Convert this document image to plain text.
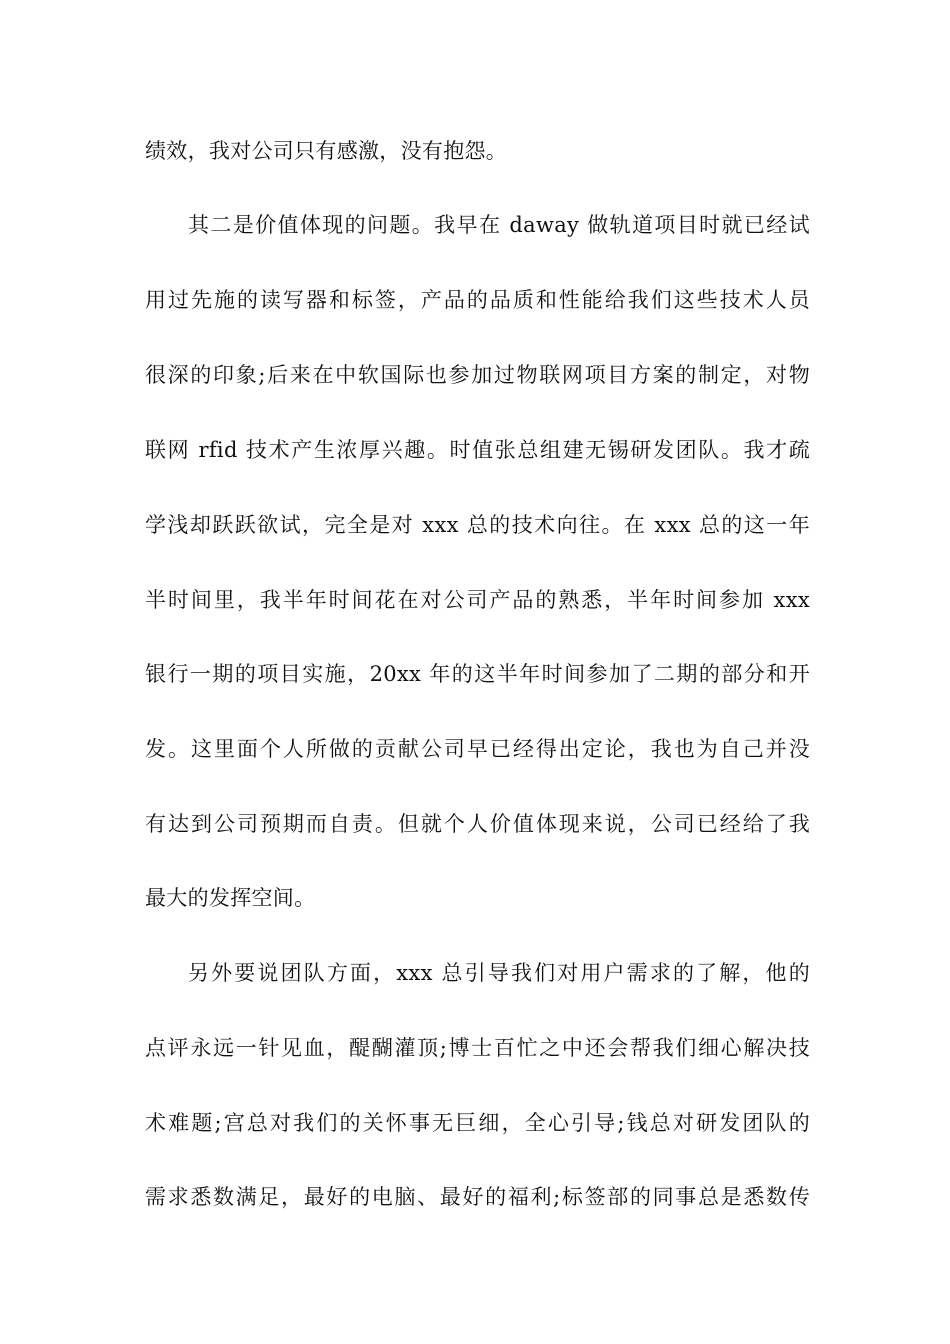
绩效，我对公司只有感激，没有抱怨。
其二是价值体现的问题。我早在 daway 做轨道项目时就已经试
用过先施的读写器和标签，产品的品质和性能给我们这些技术人员
很深的印象;后来在中软国际也参加过物联网项目方案的制定，对物
联网 rfid 技术产生浓厚兴趣。时值张总组建无锡研发团队。我才疏
学浅却跃跃欲试，完全是对 xxx 总的技术向往。在 xxx 总的这一年
半时间里，我半年时间花在对公司产品的熟悉，半年时间参加 xxx
银行一期的项目实施，20xx 年的这半年时间参加了二期的部分和开
发。这里面个人所做的贡献公司早已经得出定论，我也为自己并没
有达到公司预期而自责。但就个人价值体现来说，公司已经给了我
最大的发挥空间。
另外要说团队方面，xxx 总引导我们对用户需求的了解，他的
点评永远一针见血，醍醐灌顶;博士百忙之中还会帮我们细心解决技
术难题;宫总对我们的关怀事无巨细，全心引导;钱总对研发团队的
需求悉数满足，最好的电脑、最好的福利;标签部的同事总是悉数传
